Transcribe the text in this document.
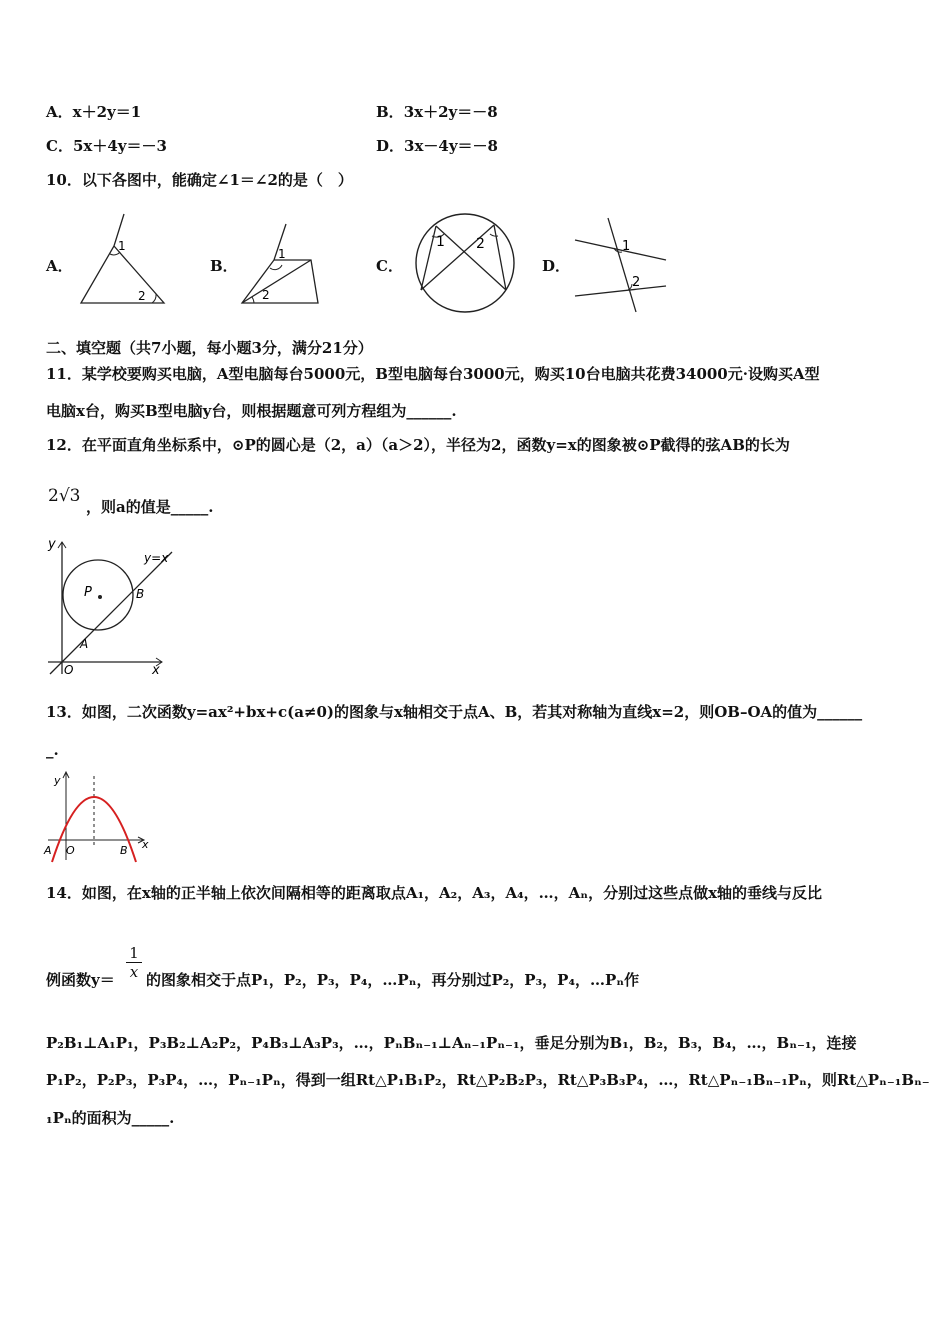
A．x＋2y＝1	B．3x＋2y＝－8
C．5x＋4y＝－3	D．3x－4y＝－8
10．以下各图中，能确定∠1＝∠2的是（　）
A．	B．	C．	D．
1
2
1
2
1 2	1
2
二、填空题（共7小题，每小题3分，满分21分）
11．某学校要购买电脑，A型电脑每台5000元，B型电脑每台3000元，购买10台电脑共花费34000元·设购买A型
电脑x台，购买B型电脑y台，则根据题意可列方程组为______.
12．在平面直角坐标系中，⊙P的圆心是（2，a）（a＞2），半径为2，函数y=x的图象被⊙P截得的弦AB的长为
2√3
，则a的值是_____.
y
x
y=x
P
A
B
O
13．如图，二次函数y=ax²+bx+c(a≠0)的图象与x轴相交于点A、B，若其对称轴为直线x=2，则OB–OA的值为______
_.
y
x
A O	B
14．如图，在x轴的正半轴上依次间隔相等的距离取点A₁，A₂，A₃，A₄，…，Aₙ，分别过这些点做x轴的垂线与反比
例函数$y= \frac{1}{x}$ 的图象相交于点P₁，P₂，P₃，P₄，…Pₙ，再分别过P₂，P₃，P₄，…Pₙ作
P₂B₁⊥A₁P₁，P₃B₂⊥A₂P₂，P₄B₃⊥A₃P₃，…，PₙBₙ₋₁⊥Aₙ₋₁Pₙ₋₁，垂足分别为B₁，B₂，B₃，B₄，…，Bₙ₋₁，连接
P₁P₂，P₂P₃，P₃P₄，…，Pₙ₋₁Pₙ，得到一组Rt△P₁B₁P₂，Rt△P₂B₂P₃，Rt△P₃B₃P₄，…，Rt△Pₙ₋₁Bₙ₋₁Pₙ，则Rt△Pₙ₋₁Bₙ₋
₁Pₙ的面积为_____.
